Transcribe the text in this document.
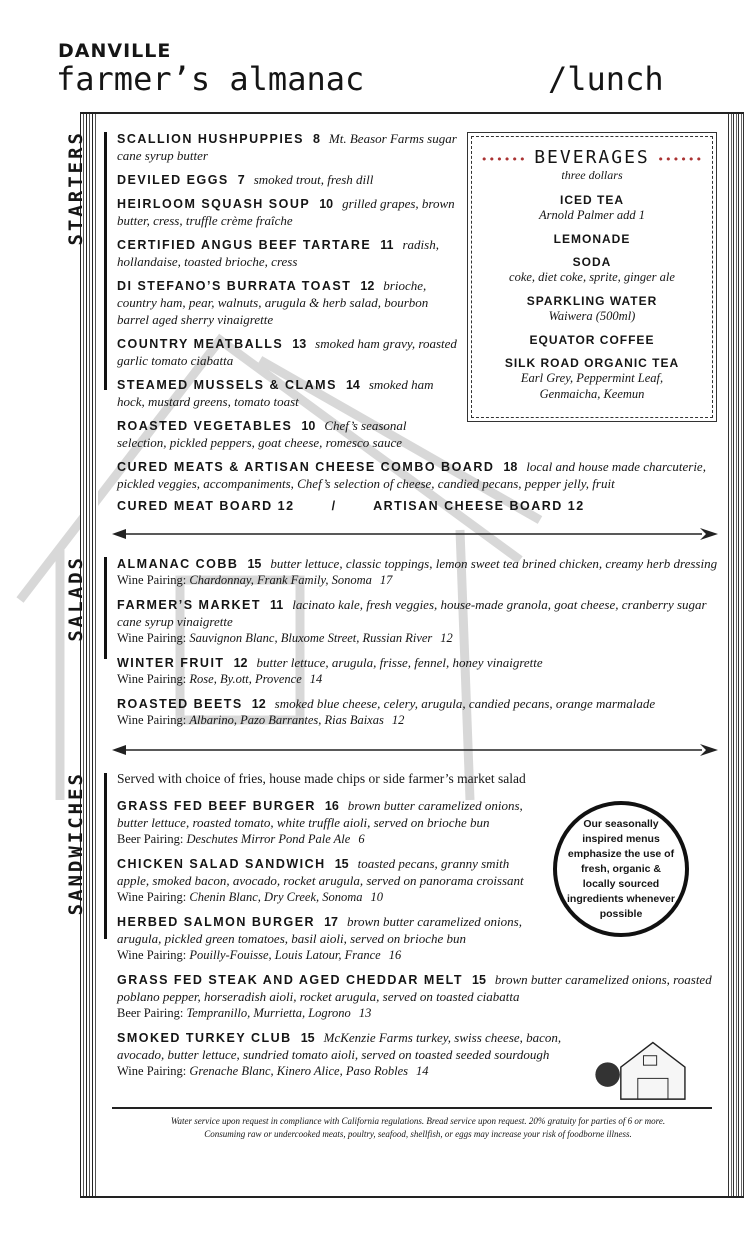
DANVILLE
farmer’s almanac	/lunch
STARTERS	•••••• BEVERAGES ••••••
three dollars
ICED TEA
Arnold Palmer add 1
LEMONADE
SODA
coke, diet coke, sprite, ginger ale
SPARKLING WATER
Waiwera (500ml)
EQUATOR COFFEE
SILK ROAD ORGANIC TEA
Earl Grey, Peppermint Leaf, Genmaicha, Keemun
SCALLION HUSHPUPPIES 8 Mt. Beasor Farms sugar cane syrup butter
DEVILED EGGS 7 smoked trout, fresh dill
HEIRLOOM SQUASH SOUP 10 grilled grapes, brown butter, cress, truffle crème fraîche
CERTIFIED ANGUS BEEF TARTARE 11 radish, hollandaise, toasted brioche, cress
DI STEFANO’S BURRATA TOAST 12 brioche, country ham, pear, walnuts, arugula & herb salad, bourbon barrel aged sherry vinaigrette
COUNTRY MEATBALLS 13 smoked ham gravy, roasted garlic tomato ciabatta
STEAMED MUSSELS & CLAMS 14 smoked ham hock, mustard greens, tomato toast
ROASTED VEGETABLES 10 Chef’s seasonal selection, pickled peppers, goat cheese, romesco sauce
CURED MEATS & ARTISAN CHEESE COMBO BOARD 18 local and house made charcuterie, pickled veggies, accompaniments, Chef’s selection of cheese, candied pecans, pepper jelly, fruit
CURED MEAT BOARD 12	/	ARTISAN CHEESE BOARD 12
SALADS ALMANAC COBB 15 butter lettuce, classic toppings, lemon sweet tea brined chicken, creamy herb dressing
Wine Pairing: Chardonnay, Frank Family, Sonoma 17
FARMER’S MARKET 11 lacinato kale, fresh veggies, house-made granola, goat cheese, cranberry sugar cane syrup vinaigrette
Wine Pairing: Sauvignon Blanc, Bluxome Street, Russian River 12
WINTER FRUIT 12 butter lettuce, arugula, frisse, fennel, honey vinaigrette
Wine Pairing: Rose, By.ott, Provence 14
ROASTED BEETS 12 smoked blue cheese, celery, arugula, candied pecans, orange marmalade
Wine Pairing: Albarino, Pazo Barrantes, Rias Baixas 12
SANDWICHES Served with choice of fries, house made chips or side farmer’s market salad
Our seasonally inspired menus emphasize the use of fresh, organic & locally sourced ingredients whenever possible
GRASS FED BEEF BURGER 16 brown butter caramelized onions, butter lettuce, roasted tomato, white truffle aioli, served on brioche bun
Beer Pairing: Deschutes Mirror Pond Pale Ale 6
CHICKEN SALAD SANDWICH 15 toasted pecans, granny smith apple, smoked bacon, avocado, rocket arugula, served on panorama croissant
Wine Pairing: Chenin Blanc, Dry Creek, Sonoma 10
HERBED SALMON BURGER 17 brown butter caramelized onions, arugula, pickled green tomatoes, basil aioli, served on brioche bun
Wine Pairing: Pouilly-Fouisse, Louis Latour, France 16
GRASS FED STEAK AND AGED CHEDDAR MELT 15 brown butter caramelized onions, roasted poblano pepper, horseradish aioli, rocket arugula, served on toasted ciabatta
Beer Pairing: Tempranillo, Murrietta, Logrono 13
SMOKED TURKEY CLUB 15 McKenzie Farms turkey, swiss cheese, bacon, avocado, butter lettuce, sundried tomato aioli, served on toasted seeded sourdough
Wine Pairing: Grenache Blanc, Kinero Alice, Paso Robles 14
Water service upon request in compliance with California regulations. Bread service upon request. 20% gratuity for parties of 6 or more.
Consuming raw or undercooked meats, poultry, seafood, shellfish, or eggs may increase your risk of foodborne illness.
